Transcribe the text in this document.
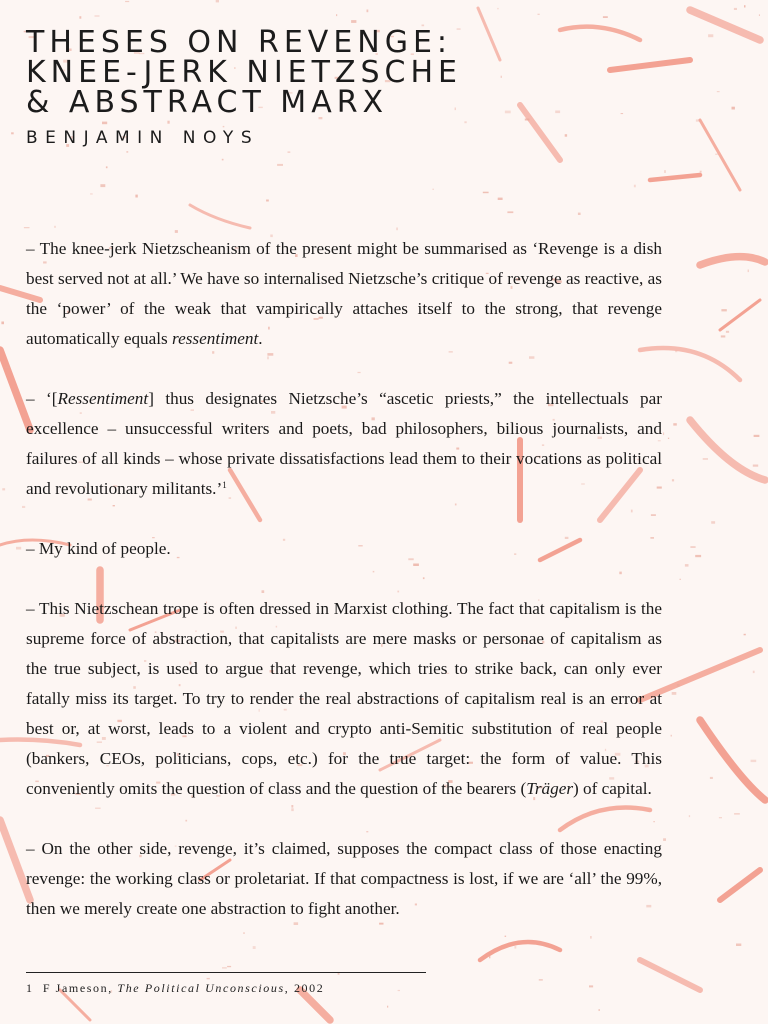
THESES ON REVENGE:
KNEE-JERK NIETZSCHE
& ABSTRACT MARX
BENJAMIN NOYS

– The knee-jerk Nietzscheanism of the present might be summarised as ‘Revenge is a dish best served not at all.’ We have so internalised Nietzsche’s critique of revenge as reactive, as the ‘power’ of the weak that vampirically attaches itself to the strong, that revenge automatically equals ressentiment.

– ‘[Ressentiment] thus designates Nietzsche’s “ascetic priests,” the intellectuals par excellence – unsuccessful writers and poets, bad philosophers, bilious journalists, and failures of all kinds – whose private dissatisfactions lead them to their vocations as political and revolutionary militants.’$^1$

– My kind of people.

– This Nietzschean trope is often dressed in Marxist clothing. The fact that capitalism is the supreme force of abstraction, that capitalists are mere masks or personae of capitalism as the true subject, is used to argue that revenge, which tries to strike back, can only ever fatally miss its target. To try to render the real abstractions of capitalism real is an error at best or, at worst, leads to a violent and crypto anti-Semitic substitution of real people (bankers, CEOs, politicians, cops, etc.) for the true target: the form of value. This conveniently omits the question of class and the question of the bearers (Träger) of capital.

– On the other side, revenge, it’s claimed, supposes the compact class of those enacting revenge: the working class or proletariat. If that compactness is lost, if we are ‘all’ the 99%, then we merely create one abstraction to fight another.

1 F Jameson, The Political Unconscious, 2002
